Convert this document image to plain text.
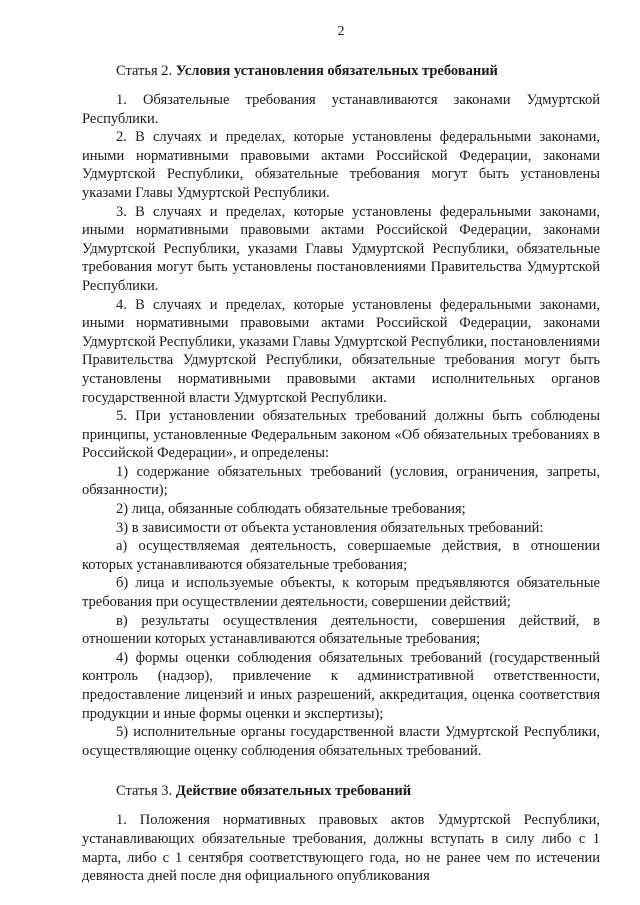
2
Статья 2. Условия установления обязательных требований

1. Обязательные требования устанавливаются законами Удмуртской Республики.

2. В случаях и пределах, которые установлены федеральными законами, иными нормативными правовыми актами Российской Федерации, законами Удмуртской Республики, обязательные требования могут быть установлены указами Главы Удмуртской Республики.

3. В случаях и пределах, которые установлены федеральными законами, иными нормативными правовыми актами Российской Федерации, законами Удмуртской Республики, указами Главы Удмуртской Республики, обязательные требования могут быть установлены постановлениями Правительства Удмуртской Республики.

4. В случаях и пределах, которые установлены федеральными законами, иными нормативными правовыми актами Российской Федерации, законами Удмуртской Республики, указами Главы Удмуртской Республики, постановлениями Правительства Удмуртской Республики, обязательные требования могут быть установлены нормативными правовыми актами исполнительных органов государственной власти Удмуртской Республики.

5. При установлении обязательных требований должны быть соблюдены принципы, установленные Федеральным законом «Об обязательных требованиях в Российской Федерации», и определены:

1) содержание обязательных требований (условия, ограничения, запреты, обязанности);

2) лица, обязанные соблюдать обязательные требования;

3) в зависимости от объекта установления обязательных требований:

а) осуществляемая деятельность, совершаемые действия, в отношении которых устанавливаются обязательные требования;

б) лица и используемые объекты, к которым предъявляются обязательные требования при осуществлении деятельности, совершении действий;

в) результаты осуществления деятельности, совершения действий, в отношении которых устанавливаются обязательные требования;

4) формы оценки соблюдения обязательных требований (государственный контроль (надзор), привлечение к административной ответственности, предоставление лицензий и иных разрешений, аккредитация, оценка соответствия продукции и иные формы оценки и экспертизы);

5) исполнительные органы государственной власти Удмуртской Республики, осуществляющие оценку соблюдения обязательных требований.

Статья 3. Действие обязательных требований

1. Положения нормативных правовых актов Удмуртской Республики, устанавливающих обязательные требования, должны вступать в силу либо с 1 марта, либо с 1 сентября соответствующего года, но не ранее чем по истечении девяноста дней после дня официального опубликования
